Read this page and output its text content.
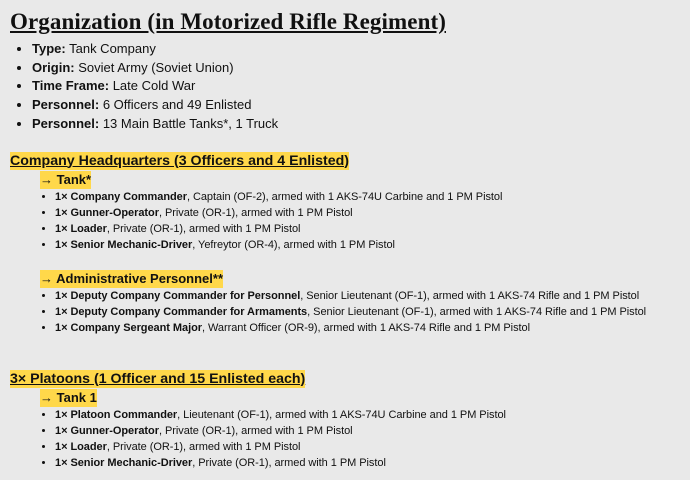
Organization (in Motorized Rifle Regiment)
• Type: Tank Company
• Origin: Soviet Army (Soviet Union)
• Time Frame: Late Cold War
• Personnel: 6 Officers and 49 Enlisted
• Personnel: 13 Main Battle Tanks*, 1 Truck
Company Headquarters (3 Officers and 4 Enlisted)
→ Tank*
• 1× Company Commander, Captain (OF-2), armed with 1 AKS-74U Carbine and 1 PM Pistol
• 1× Gunner-Operator, Private (OR-1), armed with 1 PM Pistol
• 1× Loader, Private (OR-1), armed with 1 PM Pistol
• 1× Senior Mechanic-Driver, Yefreytor (OR-4), armed with 1 PM Pistol
→ Administrative Personnel**
• 1× Deputy Company Commander for Personnel, Senior Lieutenant (OF-1), armed with 1 AKS-74 Rifle and 1 PM Pistol
• 1× Deputy Company Commander for Armaments, Senior Lieutenant (OF-1), armed with 1 AKS-74 Rifle and 1 PM Pistol
• 1× Company Sergeant Major, Warrant Officer (OR-9), armed with 1 AKS-74 Rifle and 1 PM Pistol
3× Platoons (1 Officer and 15 Enlisted each)
→ Tank 1
• 1× Platoon Commander, Lieutenant (OF-1), armed with 1 AKS-74U Carbine and 1 PM Pistol
• 1× Gunner-Operator, Private (OR-1), armed with 1 PM Pistol
• 1× Loader, Private (OR-1), armed with 1 PM Pistol
• 1× Senior Mechanic-Driver, Private (OR-1), armed with 1 PM Pistol
